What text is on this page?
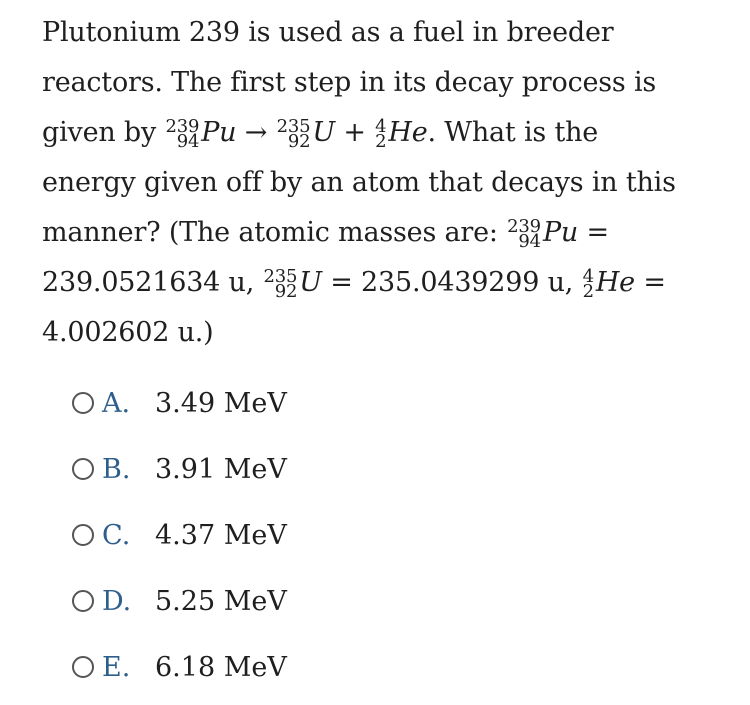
Plutonium 239 is used as a fuel in breeder
reactors. The first step in its decay process is
given by 239
94 Pu → 235
92 U + 4
2 He. What is the
energy given off by an atom that decays in this
manner? (The atomic masses are: 239
94 Pu =
239.0521634 u, 235
92 U = 235.0439299 u, 4
2 He =
4.002602 u.)
A. 3.49 MeV
B. 3.91 MeV
C. 4.37 MeV
D. 5.25 MeV
E. 6.18 MeV
